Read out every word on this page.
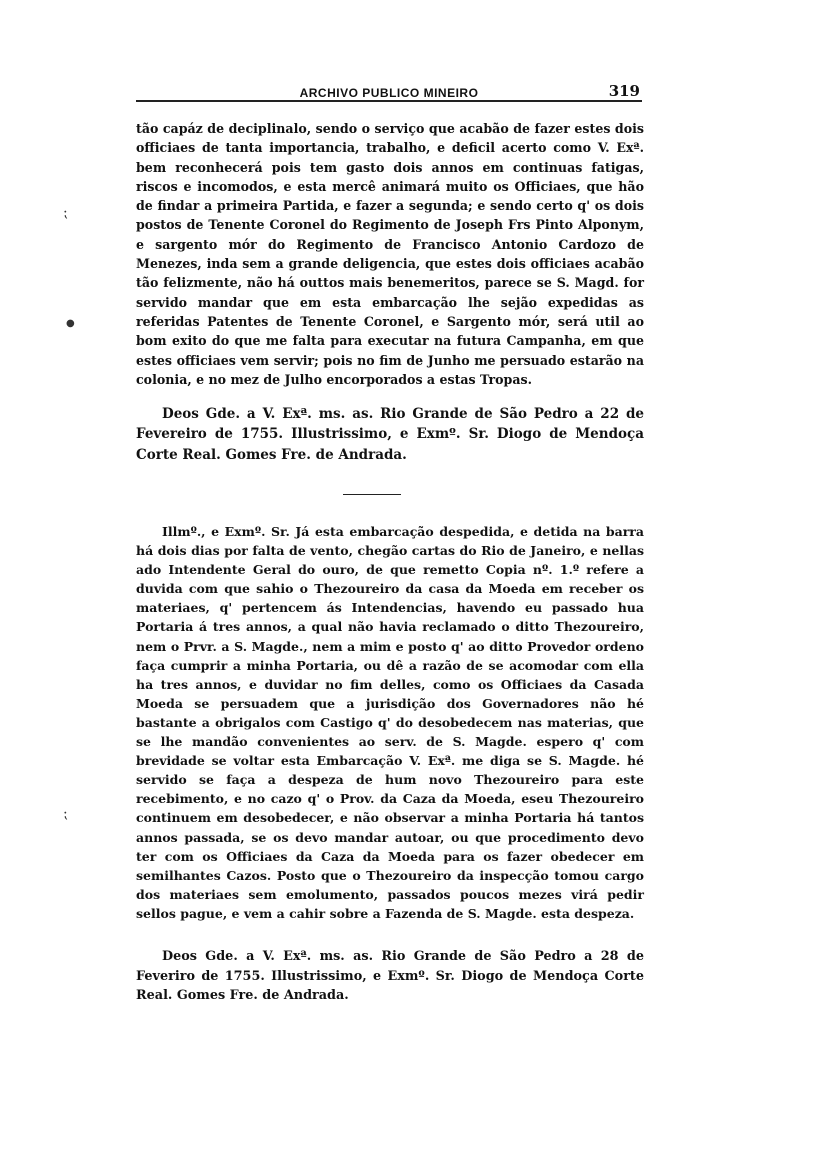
ARCHIVO PUBLICO MINEIRO	319

tão capáz de deciplinalo, sendo o serviço que acabão de fazer estes dois officiaes de tanta importancia, trabalho, e deficil acerto como V. Exª. bem reconhecerá pois tem gasto dois annos em continuas fatigas, riscos e incomodos, e esta mercê animará muito os Officiaes, que hão de findar a primeira Partida, e fazer a segunda; e sendo certo q' os dois postos de Tenente Coronel do Regimento de Joseph Frs Pinto Alponym, e sargento mór do Regimento de Francisco Antonio Cardozo de Menezes, inda sem a grande deligencia, que estes dois officiaes acabão tão felizmente, não há outtos mais benemeritos, parece se S. Magd. for servido mandar que em esta embarcação lhe sejão expedidas as referidas Patentes de Tenente Coronel, e Sargento mór, será util ao bom exito do que me falta para executar na futura Campanha, em que estes officiaes vem servir; pois no fim de Junho me persuado estarão na colonia, e no mez de Julho encorporados a estas Tropas.

Deos Gde. a V. Exª. ms. as. Rio Grande de São Pedro a 22 de Fevereiro de 1755. Illustrissimo, e Exmº. Sr. Diogo de Mendoça Corte Real. Gomes Fre. de Andrada.

Illmº., e Exmº. Sr. Já esta embarcação despedida, e detida na barra há dois dias por falta de vento, chegão cartas do Rio de Janeiro, e nellas ado Intendente Geral do ouro, de que remetto Copia nº. 1.º refere a duvida com que sahio o Thezoureiro da casa da Moeda em receber os materiaes, q' pertencem ás Intendencias, havendo eu passado hua Portaria á tres annos, a qual não havia reclamado o ditto Thezoureiro, nem o Prvr. a S. Magde., nem a mim e posto q' ao ditto Provedor ordeno faça cumprir a minha Portaria, ou dê a razão de se acomodar com ella ha tres annos, e duvidar no fim delles, como os Officiaes da Casada Moeda se persuadem que a jurisdição dos Governadores não hé bastante a obrigalos com Castigo q' do desobedecem nas materias, que se lhe mandão convenientes ao serv. de S. Magde. espero q' com brevidade se voltar esta Embarcação V. Exª. me diga se S. Magde. hé servido se faça a despeza de hum novo Thezoureiro para este recebimento, e no cazo q' o Prov. da Caza da Moeda, eseu Thezoureiro continuem em desobedecer, e não observar a minha Portaria há tantos annos passada, se os devo mandar autoar, ou que procedimento devo ter com os Officiaes da Caza da Moeda para os fazer obedecer em semilhantes Cazos. Posto que o Thezoureiro da inspecção tomou cargo dos materiaes sem emolumento, passados poucos mezes virá pedir sellos pague, e vem a cahir sobre a Fazenda de S. Magde. esta despeza.

Deos Gde. a V. Exª. ms. as. Rio Grande de São Pedro a 28 de Feveriro de 1755. Illustrissimo, e Exmº. Sr. Diogo de Mendoça Corte Real. Gomes Fre. de Andrada.

⁏
●
⁏
